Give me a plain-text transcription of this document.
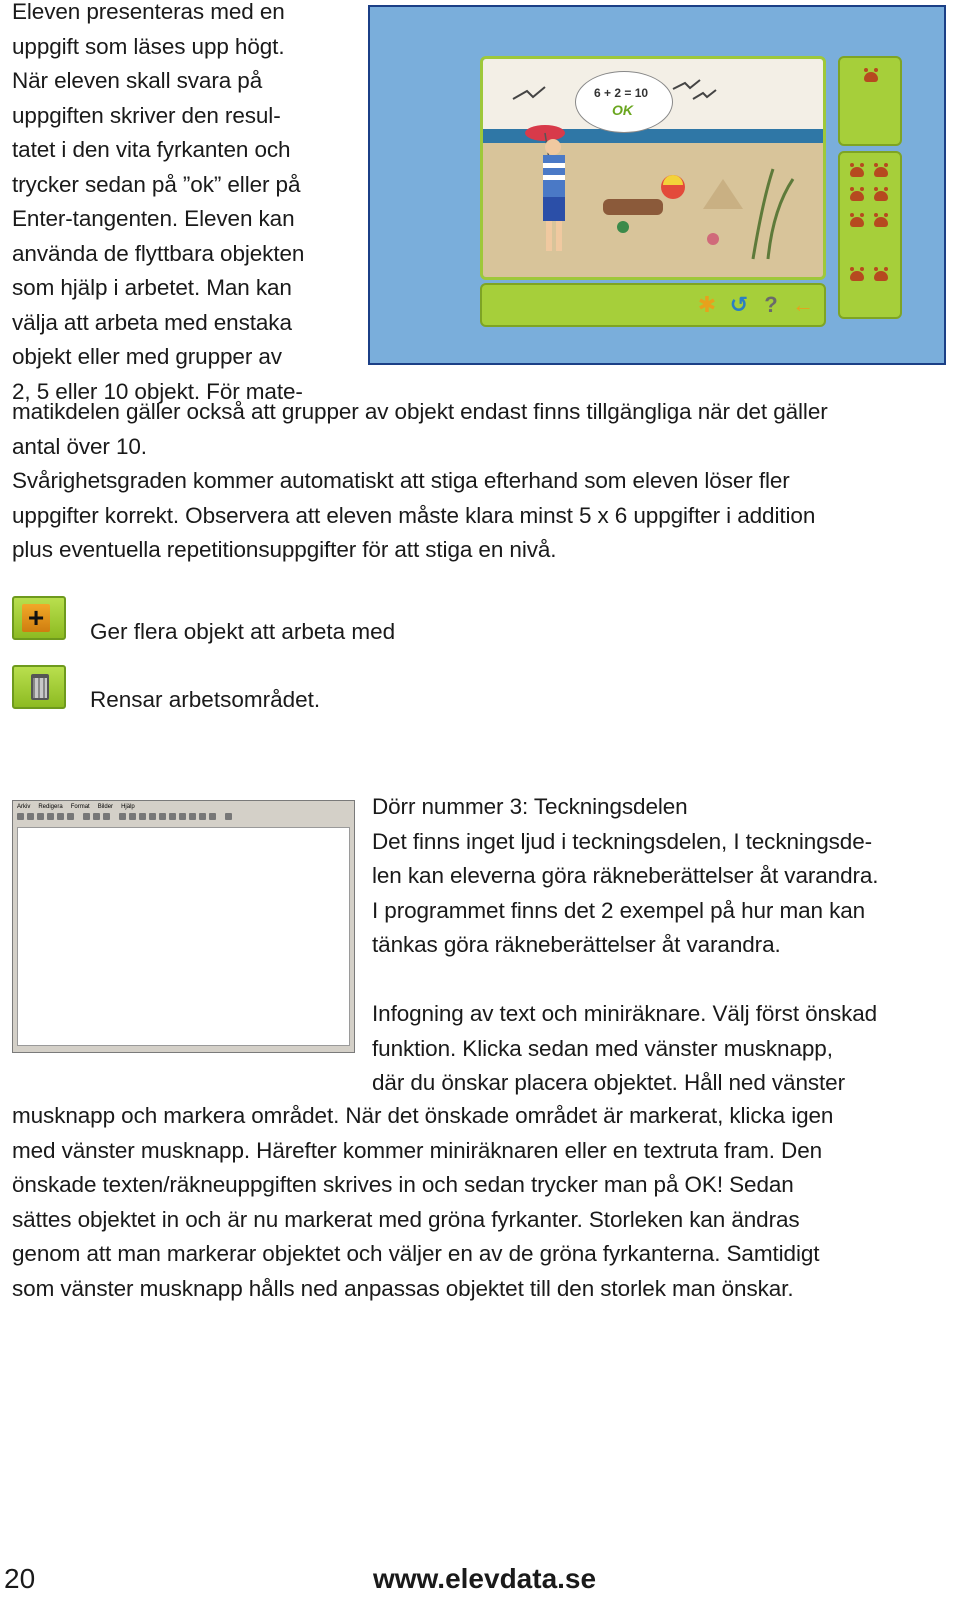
Eleven presenteras med en
uppgift som läses upp högt.
När eleven skall svara på
uppgiften skriver den resul-
tatet i den vita fyrkanten och
trycker sedan på ”ok” eller på
Enter-tangenten. Eleven kan
använda de flyttbara objekten
som hjälp i arbetet. Man kan
välja att arbeta med enstaka
objekt eller med grupper av
2, 5 eller 10 objekt. För mate-
6 + 2 = 10
OK
✱ ↺ ? ←
matikdelen gäller också att grupper av objekt endast finns tillgängliga när det gäller
antal över 10.
Svårighetsgraden kommer automatiskt att stiga efterhand som eleven löser fler
uppgifter korrekt. Observera att eleven måste klara minst 5 x 6 uppgifter i addition
plus eventuella repetitionsuppgifter för att stiga en nivå.
+ Ger flera objekt att arbeta med
Rensar arbetsområdet.
Arkiv Redigera Format Bilder Hjälp	Dörr nummer 3: Teckningsdelen
Det finns inget ljud i teckningsdelen, I teckningsde-
len kan eleverna göra räkneberättelser åt varandra.
I programmet finns det 2 exempel på hur man kan
tänkas göra räkneberättelser åt varandra.

Infogning av text och miniräknare. Välj först önskad
funktion. Klicka sedan med vänster musknapp,
där du önskar placera objektet. Håll ned vänster
musknapp och markera området. När det önskade området är markerat, klicka igen
med vänster musknapp. Härefter kommer miniräknaren eller en textruta fram. Den
önskade texten/räkneuppgiften skrives in och sedan trycker man på OK! Sedan
sättes objektet in och är nu markerat med gröna fyrkanter. Storleken kan ändras
genom att man markerar objektet och väljer en av de gröna fyrkanterna. Samtidigt
som vänster musknapp hålls ned anpassas objektet till den storlek man önskar.
20	www.elevdata.se
